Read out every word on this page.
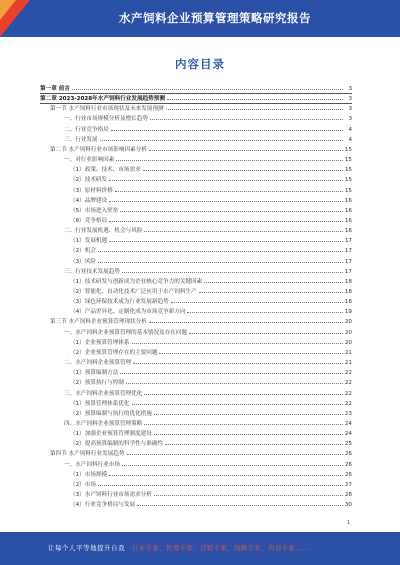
水产饲料企业预算管理策略研究报告
内容目录
第一章 前言	3
第二章 2023-2028年水产饲料行业发展趋势预测	3
第一节 水产饲料行业市场现状及未来发展预测	3
一、行业市场规模分析及增长趋势	3
二、行业竞争格局	4
三、行业发展	4
第二节 水产饲料行业市场影响因素分析	15
一、对行业影响因素	15
（1）政策、技术、市场需求	15
（2）技术研发	15
（3）原材料价格	15
（4）品牌建设	16
（5）市场进入壁垒	16
（6）竞争格局	16
二、行业发展机遇、机会与风险	16
（1）发展机遇	17
（2）机会	17
（3）风险	17
三、行业技术发展趋势	17
（1）技术研发与创新成为企业核心竞争力的关键因素	18
（2）智能化、自动化技术广泛应用于水产饲料生产	18
（3）绿色环保技术成为行业发展新趋势	18
（4）产品差异化、定制化成为市场竞争新方向	19
第三节 水产饲料企业预算管理现状分析	20
一、水产饲料企业预算管理的基本情况及存在问题	20
（1）企业预算管理体系	20
（2）企业预算管理存在的主要问题	21
二、水产饲料企业预算管理	21
（1）预算编制方法	22
（2）预算执行与控制	22
三、水产饲料企业预算管理优化	22
（1）预算管理体系优化	22
（2）预算编制与执行的优化措施	23
四、水产饲料企业预算管理策略	24
（1）加强企业预算管理制度建设	24
（2）提高预算编制的科学性与准确性	25
第四节 水产饲料行业发展趋势	26
一、水产饲料行业市场	26
（1）市场规模	26
（2）市场	27
（3）水产饲料行业市场需求分析	28
（4）行业竞争格局与发展	30
1
让每个人平等地提升自我 行业专家、管理专家、营销专家、战略专家、咨询专家……
